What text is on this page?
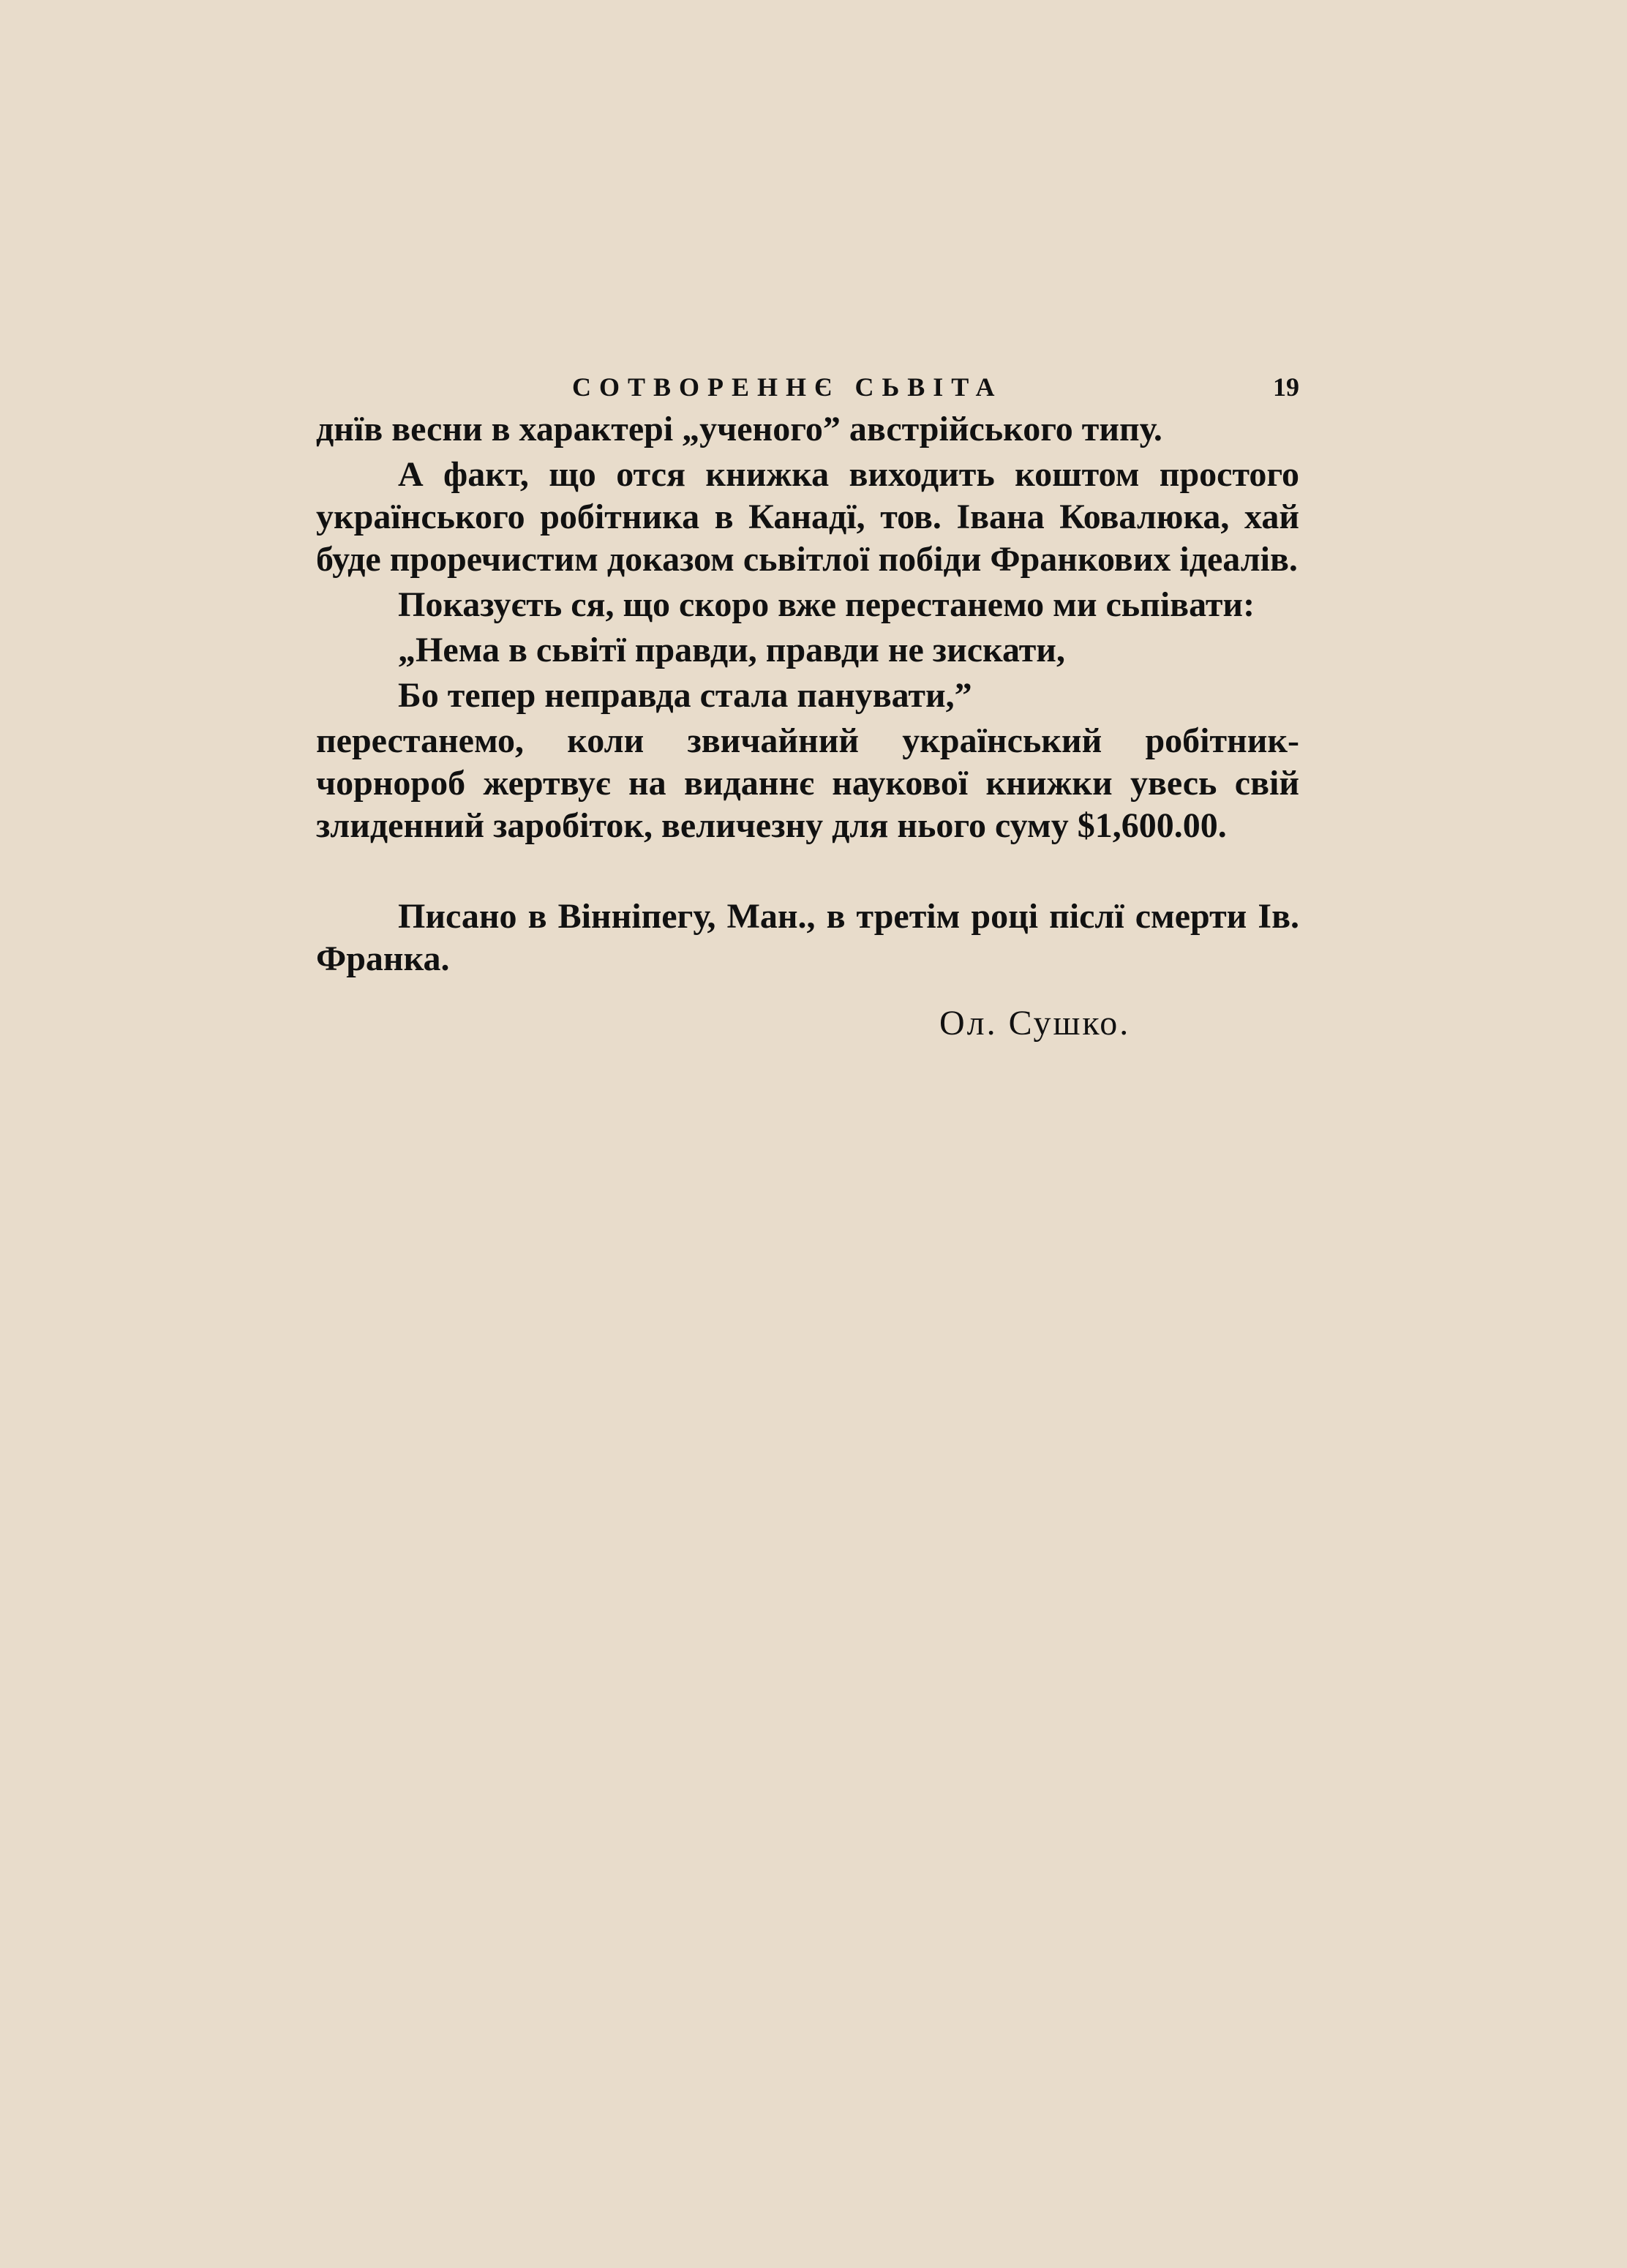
СОТВОРЕННЄ СЬВІТА	19

днїв весни в характері „ученого” австрійського типу.

А факт, що отся книжка виходить коштом простого українського робітника в Канадї, тов. Івана Ковалюка, хай буде проречистим доказом сьвітлої побіди Франкових ідеалів.

Показуєть ся, що скоро вже перестанемо ми сьпівати:

„Нема в сьвітї правди, правди не зискати,

Бо тепер неправда стала панувати,”

перестанемо, коли звичайний український робітник-чорнороб жертвує на виданнє наукової книжки увесь свій злиденний заробіток, величезну для нього суму $1,600.00.

Писано в Вінніпегу, Ман., в третім році післї смерти Ів. Франка.

Ол. Сушко.
